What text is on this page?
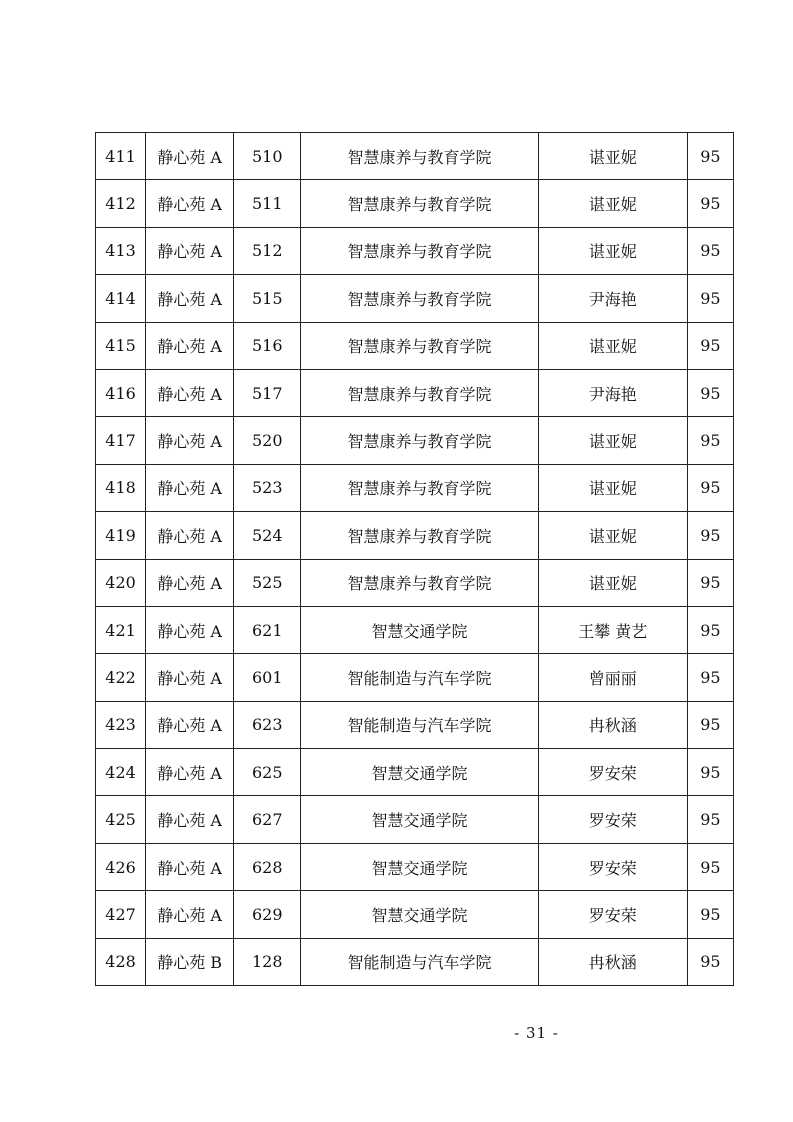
411	静心苑 A	510	智慧康养与教育学院	谌亚妮	95
412	静心苑 A	511	智慧康养与教育学院	谌亚妮	95
413	静心苑 A	512	智慧康养与教育学院	谌亚妮	95
414	静心苑 A	515	智慧康养与教育学院	尹海艳	95
415	静心苑 A	516	智慧康养与教育学院	谌亚妮	95
416	静心苑 A	517	智慧康养与教育学院	尹海艳	95
417	静心苑 A	520	智慧康养与教育学院	谌亚妮	95
418	静心苑 A	523	智慧康养与教育学院	谌亚妮	95
419	静心苑 A	524	智慧康养与教育学院	谌亚妮	95
420	静心苑 A	525	智慧康养与教育学院	谌亚妮	95
421	静心苑 A	621	智慧交通学院	王攀 黄艺	95
422	静心苑 A	601	智能制造与汽车学院	曾丽丽	95
423	静心苑 A	623	智能制造与汽车学院	冉秋涵	95
424	静心苑 A	625	智慧交通学院	罗安荣	95
425	静心苑 A	627	智慧交通学院	罗安荣	95
426	静心苑 A	628	智慧交通学院	罗安荣	95
427	静心苑 A	629	智慧交通学院	罗安荣	95
428	静心苑 B	128	智能制造与汽车学院	冉秋涵	95
- 31 -
